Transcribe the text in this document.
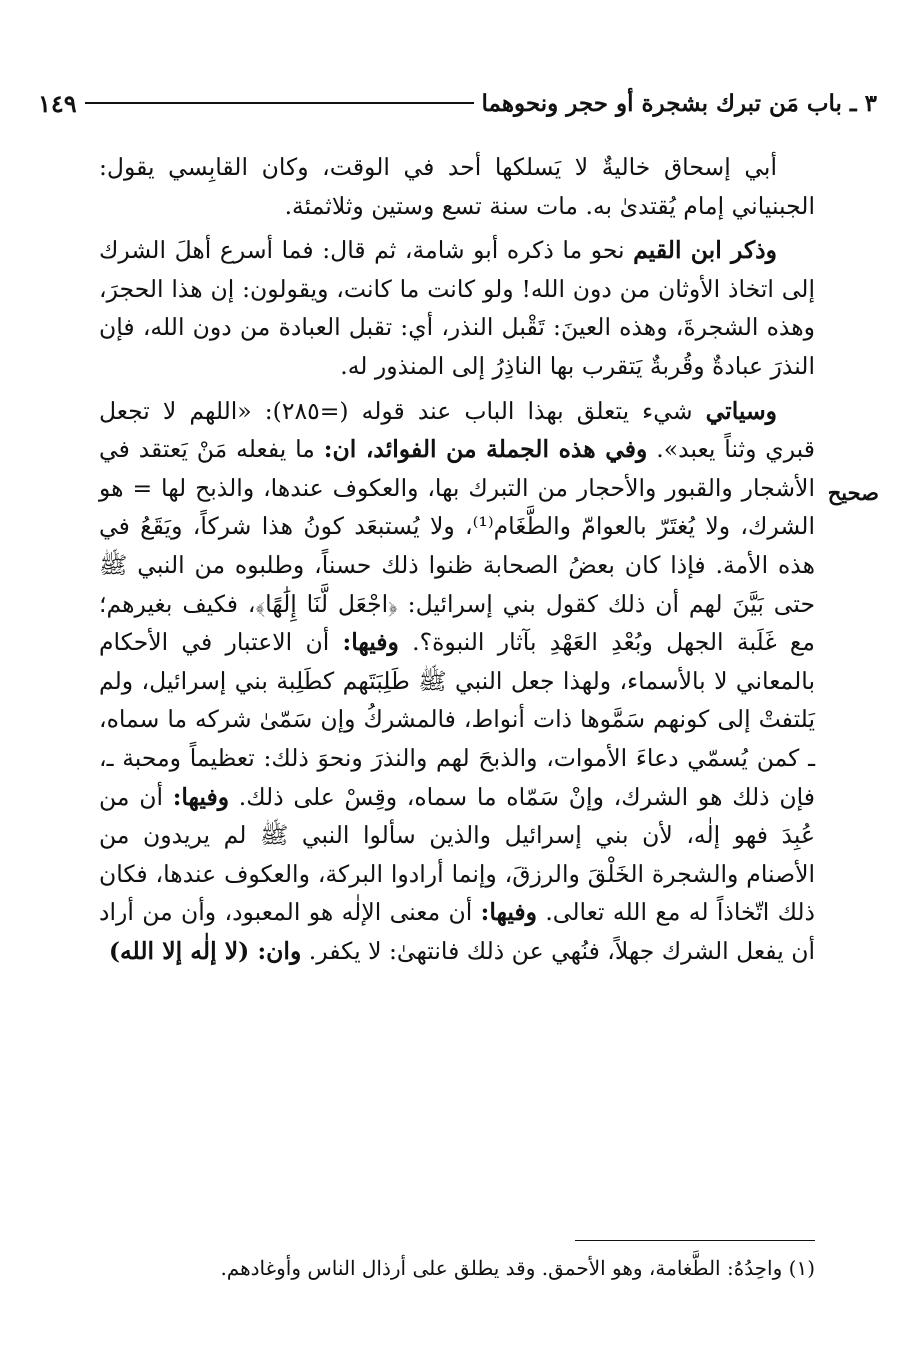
٣ ـ باب مَن تبرك بشجرة أو حجر ونحوهما
١٤٩
صحيح

أبي إسحاق خاليةٌ لا يَسلكها أحد في الوقت، وكان القابِسي يقول: الجبنياني إمام يُقتدىٰ به. مات سنة تسع وستين وثلاثمئة.

وذكر ابن القيم نحو ما ذكره أبو شامة، ثم قال: فما أسرع أهلَ الشرك إلى اتخاذ الأوثان من دون الله! ولو كانت ما كانت، ويقولون: إن هذا الحجرَ، وهذه الشجرةَ، وهذه العينَ: تَقْبل النذر، أي: تقبل العبادة من دون الله، فإن النذرَ عبادةٌ وقُربةٌ يَتقرب بها الناذِرُ إلى المنذور له.

وسياتي شيء يتعلق بهذا الباب عند قوله (=٢٨٥): «اللهم لا تجعل قبري وثناً يعبد». وفي هذه الجملة من الفوائد، ان: ما يفعله مَنْ يَعتقد في الأشجار والقبور والأحجار من التبرك بها، والعكوف عندها، والذبح لها = هو الشرك، ولا يُغتَرّ بالعوامّ والطَّغَام⁽¹⁾، ولا يُستبعَد كونُ هذا شركاً، ويَقَعُ في هذه الأمة. فإذا كان بعضُ الصحابة ظنوا ذلك حسناً، وطلبوه من النبي ﷺ حتى بَيَّنَ لهم أن ذلك كقول بني إسرائيل: ﴿اجْعَل لَّنَا إِلَٰهًا﴾، فكيف بغيرهم؛ مع غَلَبة الجهل وبُعْدِ العَهْدِ بآثار النبوة؟. وفيها: أن الاعتبار في الأحكام بالمعاني لا بالأسماء، ولهذا جعل النبي ﷺ طَلِبَتَهم كطَلِبة بني إسرائيل، ولم يَلتفتْ إلى كونهم سَمَّوها ذات أنواط، فالمشركُ وإن سَمّىٰ شركه ما سماه، ـ كمن يُسمّي دعاءَ الأموات، والذبحَ لهم والنذرَ ونحوَ ذلك: تعظيماً ومحبة ـ، فإن ذلك هو الشرك، وإنْ سَمّاه ما سماه، وقِسْ على ذلك. وفيها: أن من عُبِدَ فهو إلٰه، لأن بني إسرائيل والذين سألوا النبي ﷺ لم يريدون من الأصنام والشجرة الخَلْقَ والرزقَ، وإنما أرادوا البركة، والعكوف عندها، فكان ذلك اتّخاذاً له مع الله تعالى. وفيها: أن معنى الإلٰه هو المعبود، وأن من أراد أن يفعل الشرك جهلاً، فنُهي عن ذلك فانتهىٰ: لا يكفر. وان: (لا إلٰه إلا الله)

(١) واحِدُهُ: الطَّغامة، وهو الأحمق. وقد يطلق على أرذال الناس وأوغادهم.
